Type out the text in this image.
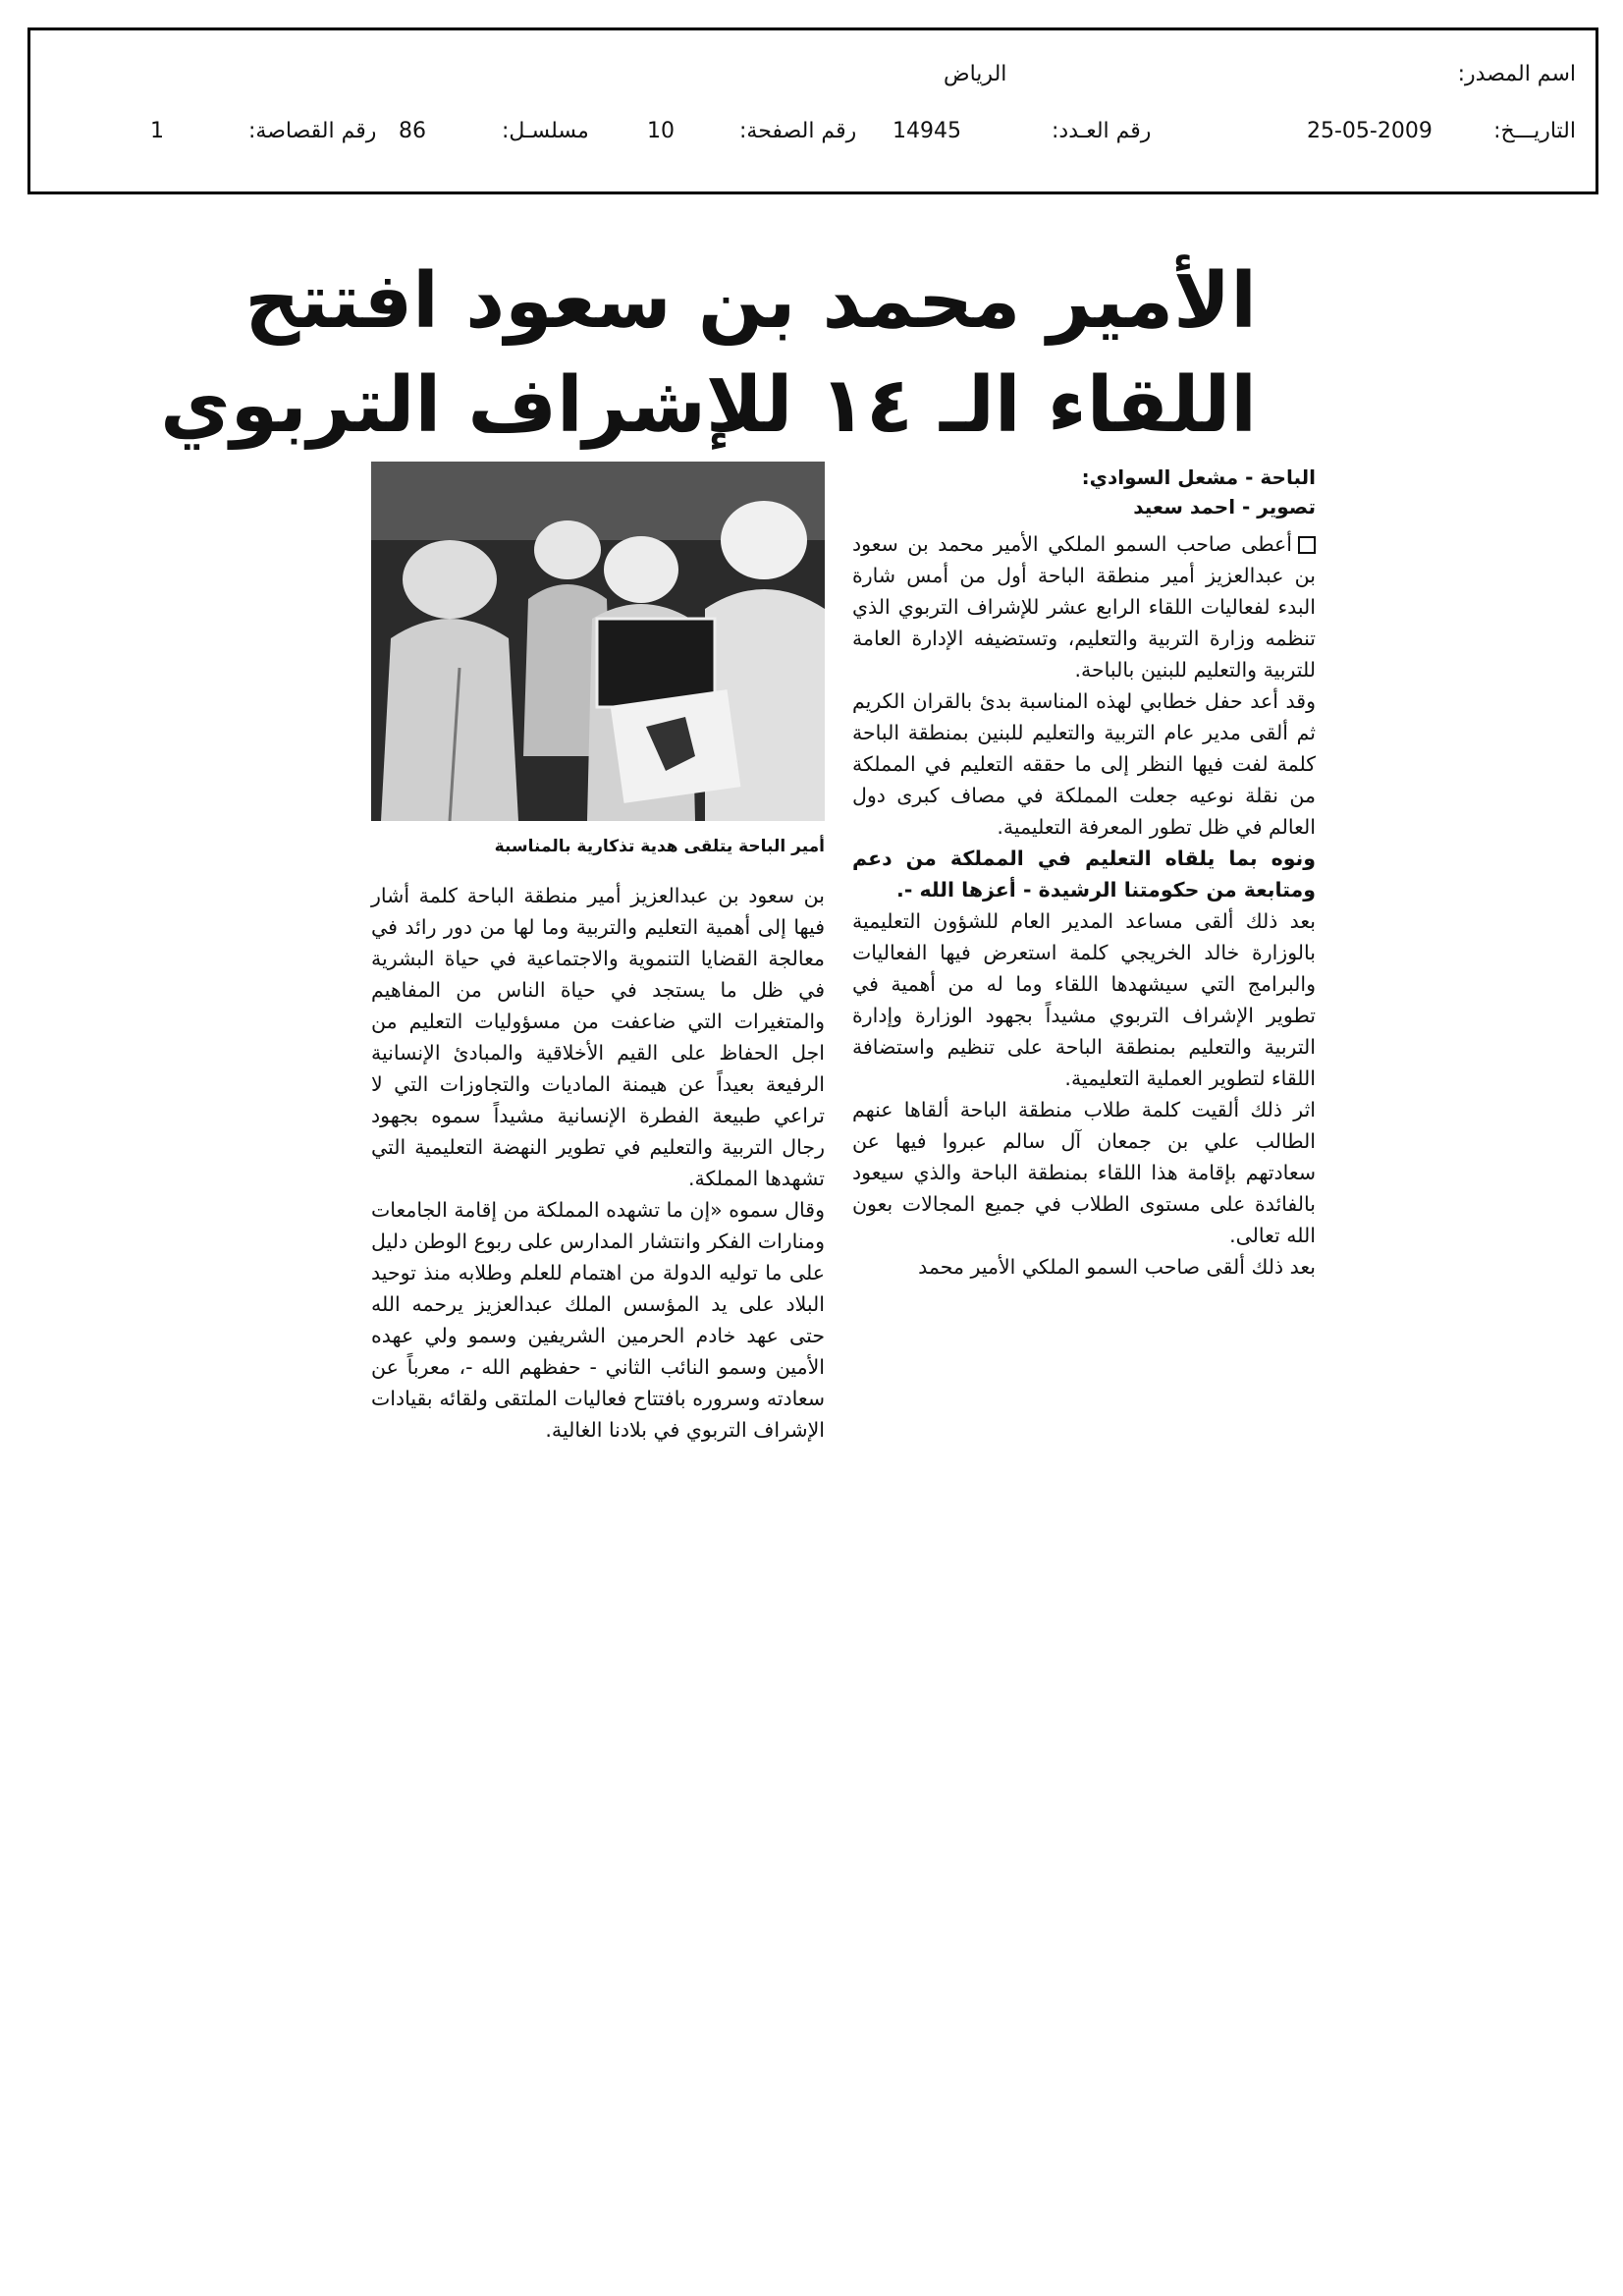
اسم المصدر:
الرياض
التاريـــخ:
25-05-2009
رقم العـدد:
14945
رقم الصفحة:
10
مسلسـل:
86
رقم القصاصة:
1
الأمير محمد بن سعود افتتح
اللقاء الـ ١٤ للإشراف التربوي
أمير الباحة يتلقى هدية تذكارية بالمناسبة
الباحة - مشعل السوادي:
تصوير - احمد سعيد

أعطى صاحب السمو الملكي الأمير محمد بن سعود بن عبدالعزيز أمير منطقة الباحة أول من أمس شارة البدء لفعاليات اللقاء الرابع عشر للإشراف التربوي الذي تنظمه وزارة التربية والتعليم، وتستضيفه الإدارة العامة للتربية والتعليم للبنين بالباحة.

وقد أعد حفل خطابي لهذه المناسبة بدئ بالقران الكريم ثم ألقى مدير عام التربية والتعليم للبنين بمنطقة الباحة كلمة لفت فيها النظر إلى ما حققه التعليم في المملكة من نقلة نوعيه جعلت المملكة في مصاف كبرى دول العالم في ظل تطور المعرفة التعليمية.

ونوه بما يلقاه التعليم في المملكة من دعم ومتابعة من حكومتنا الرشيدة - أعزها الله -.

بعد ذلك ألقى مساعد المدير العام للشؤون التعليمية بالوزارة خالد الخريجي كلمة استعرض فيها الفعاليات والبرامج التي سيشهدها اللقاء وما له من أهمية في تطوير الإشراف التربوي مشيداً بجهود الوزارة وإدارة التربية والتعليم بمنطقة الباحة على تنظيم واستضافة اللقاء لتطوير العملية التعليمية.

اثر ذلك ألقيت كلمة طلاب منطقة الباحة ألقاها عنهم الطالب علي بن جمعان آل سالم عبروا فيها عن سعادتهم بإقامة هذا اللقاء بمنطقة الباحة والذي سيعود بالفائدة على مستوى الطلاب في جميع المجالات بعون الله تعالى.

بعد ذلك ألقى صاحب السمو الملكي الأمير محمد

بن سعود بن عبدالعزيز أمير منطقة الباحة كلمة أشار فيها إلى أهمية التعليم والتربية وما لها من دور رائد في معالجة القضايا التنموية والاجتماعية في حياة البشرية في ظل ما يستجد في حياة الناس من المفاهيم والمتغيرات التي ضاعفت من مسؤوليات التعليم من اجل الحفاظ على القيم الأخلاقية والمبادئ الإنسانية الرفيعة بعيداً عن هيمنة الماديات والتجاوزات التي لا تراعي طبيعة الفطرة الإنسانية مشيداً سموه بجهود رجال التربية والتعليم في تطوير النهضة التعليمية التي تشهدها المملكة.

وقال سموه «إن ما تشهده المملكة من إقامة الجامعات ومنارات الفكر وانتشار المدارس على ربوع الوطن دليل على ما توليه الدولة من اهتمام للعلم وطلابه منذ توحيد البلاد على يد المؤسس الملك عبدالعزيز يرحمه الله حتى عهد خادم الحرمين الشريفين وسمو ولي عهده الأمين وسمو النائب الثاني - حفظهم الله -، معرباً عن سعادته وسروره بافتتاح فعاليات الملتقى ولقائه بقيادات الإشراف التربوي في بلادنا الغالية.
